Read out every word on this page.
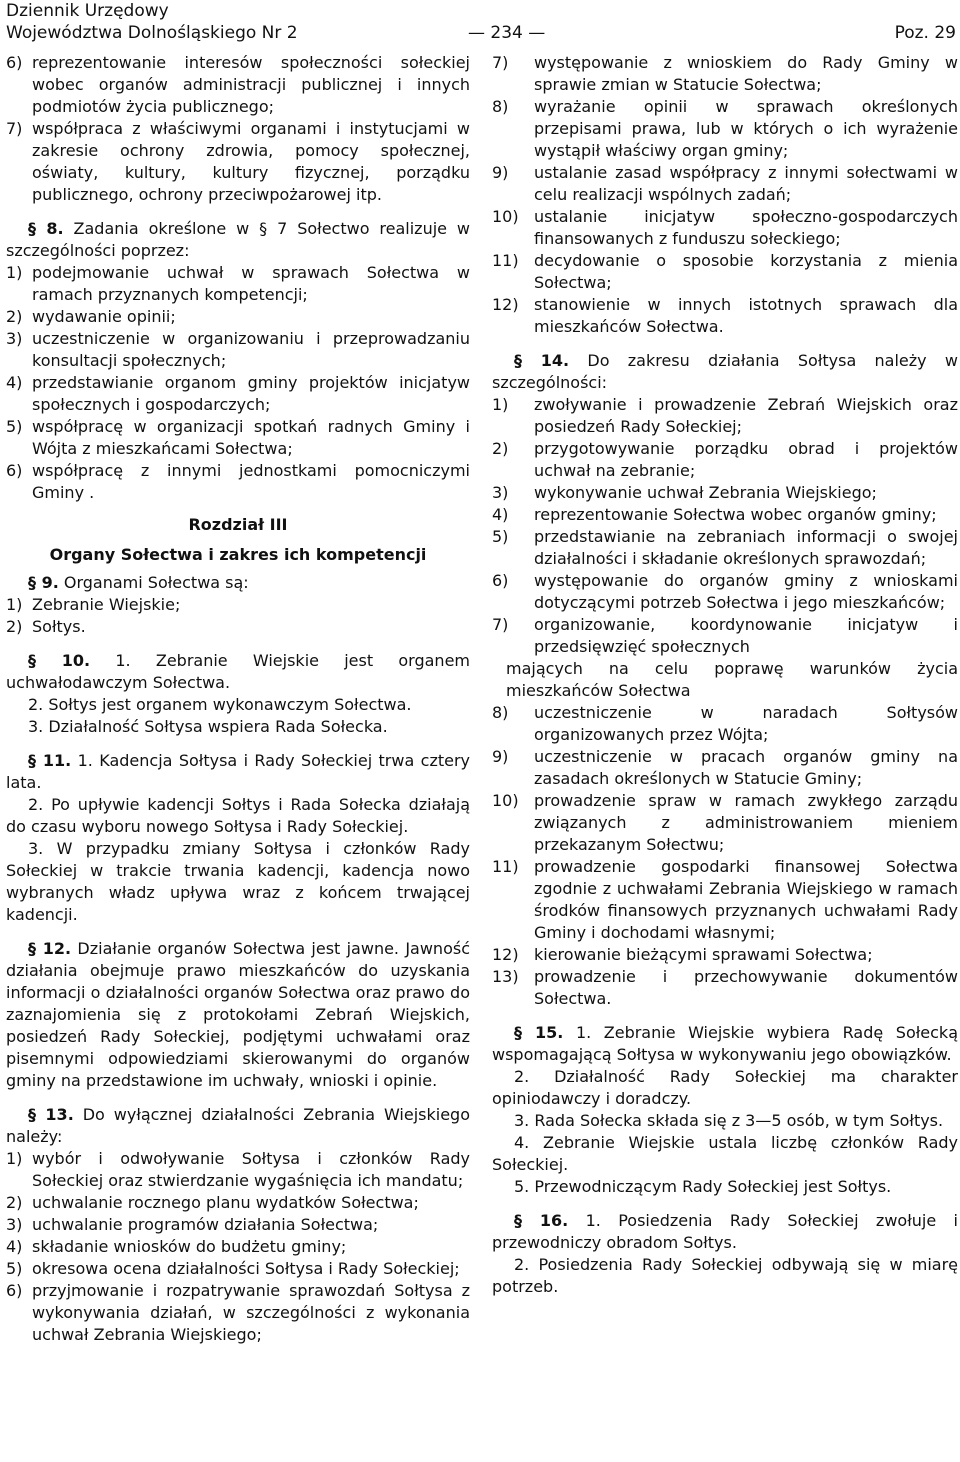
Dziennik Urzędowy
Województwa Dolnośląskiego Nr 2	— 234 —	Poz. 29
6) reprezentowanie interesów społeczności sołeckiej wobec organów administracji publicznej i innych podmiotów życia publicznego;
7) współpraca z właściwymi organami i instytucjami w zakresie ochrony zdrowia, pomocy społecznej, oświaty, kultury, kultury fizycznej, porządku publicznego, ochrony przeciwpożarowej itp.

§ 8. Zadania określone w § 7 Sołectwo realizuje w szczególności poprzez:

1) podejmowanie uchwał w sprawach Sołectwa w ramach przyznanych kompetencji;
2) wydawanie opinii;
3) uczestniczenie w organizowaniu i przeprowadzaniu konsultacji społecznych;
4) przedstawianie organom gminy projektów inicjatyw społecznych i gospodarczych;
5) współpracę w organizacji spotkań radnych Gminy i Wójta z mieszkańcami Sołectwa;
6) współpracę z innymi jednostkami pomocniczymi Gminy .
Rozdział III
Organy Sołectwa i zakres ich kompetencji

§ 9. Organami Sołectwa są:

1) Zebranie Wiejskie;
2) Sołtys.

§ 10. 1. Zebranie Wiejskie jest organem uchwałodawczym Sołectwa.

2. Sołtys jest organem wykonawczym Sołectwa.

3. Działalność Sołtysa wspiera Rada Sołecka.

§ 11. 1. Kadencja Sołtysa i Rady Sołeckiej trwa cztery lata.

2. Po upływie kadencji Sołtys i Rada Sołecka działają do czasu wyboru nowego Sołtysa i Rady Sołeckiej.

3. W przypadku zmiany Sołtysa i członków Rady Sołeckiej w trakcie trwania kadencji, kadencja nowo wybranych władz upływa wraz z końcem trwającej kadencji.

§ 12. Działanie organów Sołectwa jest jawne. Jawność działania obejmuje prawo mieszkańców do uzyskania informacji o działalności organów Sołectwa oraz prawo do zaznajomienia się z protokołami Zebrań Wiejskich, posiedzeń Rady Sołeckiej, podjętymi uchwałami oraz pisemnymi odpowiedziami skierowanymi do organów gminy na przedstawione im uchwały, wnioski i opinie.

§ 13. Do wyłącznej działalności Zebrania Wiejskiego należy:

1) wybór i odwoływanie Sołtysa i członków Rady Sołeckiej oraz stwierdzanie wygaśnięcia ich mandatu;
2) uchwalanie rocznego planu wydatków Sołectwa;
3) uchwalanie programów działania Sołectwa;
4) składanie wniosków do budżetu gminy;
5) okresowa ocena działalności Sołtysa i Rady Sołeckiej;
6) przyjmowanie i rozpatrywanie sprawozdań Sołtysa z wykonywania działań, w szczególności z wykonania uchwał Zebrania Wiejskiego;
7)	występowanie z wnioskiem do Rady Gminy w sprawie zmian w Statucie Sołectwa;
8)	wyrażanie opinii w sprawach określonych przepisami prawa, lub w których o ich wyrażenie wystąpił właściwy organ gminy;
9)	ustalanie zasad współpracy z innymi sołectwami w celu realizacji wspólnych zadań;
10) ustalanie inicjatyw społeczno-gospodarczych finansowanych z funduszu sołeckiego;
11) decydowanie o sposobie korzystania z mienia Sołectwa;
12) stanowienie w innych istotnych sprawach dla mieszkańców Sołectwa.

§ 14. Do zakresu działania Sołtysa należy w szczególności:

1)	zwoływanie i prowadzenie Zebrań Wiejskich oraz posiedzeń Rady Sołeckiej;
2)	przygotowywanie porządku obrad i projektów uchwał na zebranie;
3)	wykonywanie uchwał Zebrania Wiejskiego;
4)	reprezentowanie Sołectwa wobec organów gminy;
5)	przedstawianie na zebraniach informacji o swojej działalności i składanie określonych sprawozdań;
6)	występowanie do organów gminy z wnioskami dotyczącymi potrzeb Sołectwa i jego mieszkańców;
7)	organizowanie, koordynowanie inicjatyw i przedsięwzięć społecznych

mających na celu poprawę warunków życia mieszkańców Sołectwa

8)	uczestniczenie w naradach Sołtysów organizowanych przez Wójta;
9)	uczestniczenie w pracach organów gminy na zasadach określonych w Statucie Gminy;
10) prowadzenie spraw w ramach zwykłego zarządu związanych z administrowaniem mieniem przekazanym Sołectwu;
11) prowadzenie gospodarki finansowej Sołectwa zgodnie z uchwałami Zebrania Wiejskiego w ramach środków finansowych przyznanych uchwałami Rady Gminy i dochodami własnymi;
12) kierowanie bieżącymi sprawami Sołectwa;
13) prowadzenie i przechowywanie dokumentów Sołectwa.

§ 15. 1. Zebranie Wiejskie wybiera Radę Sołecką wspomagającą Sołtysa w wykonywaniu jego obowiązków.

2. Działalność Rady Sołeckiej ma charakter opiniodawczy i doradczy.

3. Rada Sołecka składa się z 3—5 osób, w tym Sołtys.

4. Zebranie Wiejskie ustala liczbę członków Rady Sołeckiej.

5. Przewodniczącym Rady Sołeckiej jest Sołtys.

§ 16. 1. Posiedzenia Rady Sołeckiej zwołuje i przewodniczy obradom Sołtys.

2. Posiedzenia Rady Sołeckiej odbywają się w miarę potrzeb.
